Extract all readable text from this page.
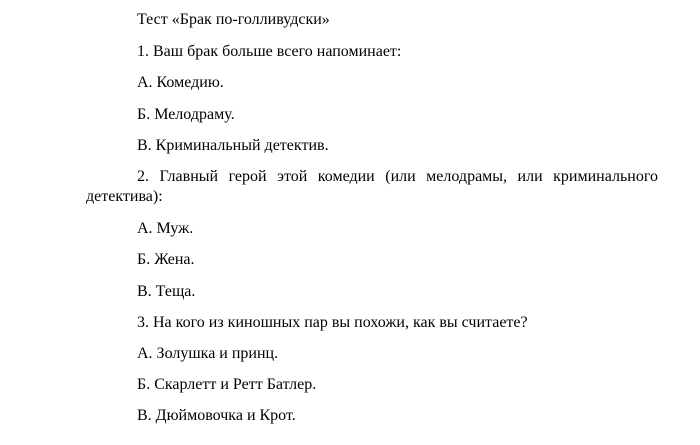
Тест «Брак по-голливудски»
1. Ваш брак больше всего напоминает:
А. Комедию.
Б. Мелодраму.
В. Криминальный детектив.
2. Главный герой этой комедии (или мелодрамы, или криминального
детектива):
А. Муж.
Б. Жена.
В. Теща.
3. На кого из киношных пар вы похожи, как вы считаете?
А. Золушка и принц.
Б. Скарлетт и Ретт Батлер.
В. Дюймовочка и Крот.
